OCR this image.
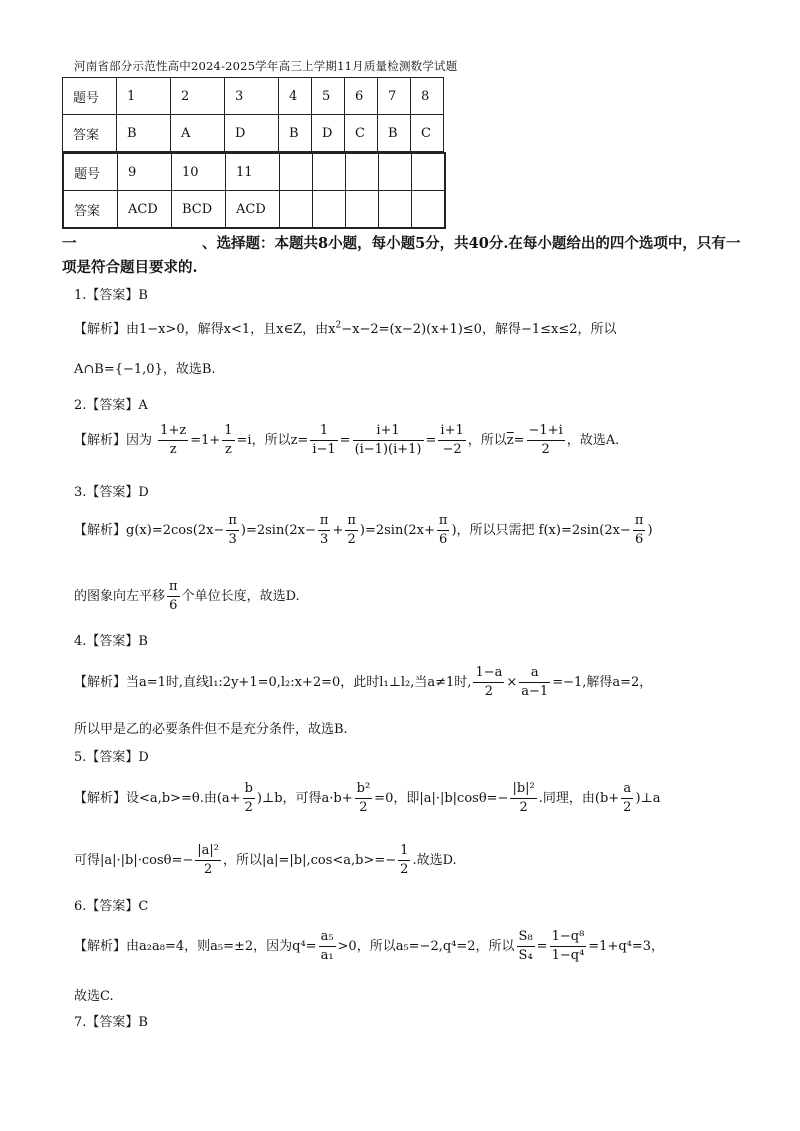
河南省部分示范性高中2024-2025学年高三上学期11月质量检测数学试题
题号	1	2	3	4	5	6	7	8
答案	B	A	D	B	D	C	B	C
题号	9	10	11					
答案	ACD	BCD	ACD					
一	、选择题：本题共8小题，每小题5分，共40分.在每小题给出的四个选项中，只有一项是符合题目要求的.
1.【答案】B
【解析】由1−x>0，解得x<1，且x∈Z，由$x^2-x-2=(x-2)(x+1)\le 0$，解得−1≤x≤2，所以
A∩B={−1,0}，故选B.
2.【答案】A
【解析】因为 $\frac{1+z}{z} =1+ \frac{1}{z} =i$，所以$z= \frac{1}{i-1} = \frac{i+1}{(i-1)(i+1)} = \frac{i+1}{-2}$ ，所以$\overline{z}= \frac{-1+i}{2}$ ，故选A.
3.【答案】D
【解析】$g(x)=2\cos(2x- \frac{\pi}{3} )=2\sin(2x- \frac{\pi}{3} + \frac{\pi}{2} )=2\sin(2x+ \frac{\pi}{6}$ )，所以只需把 $f(x)=2\sin(2x- \frac{\pi}{6}$ )
的图象向左平移 $\frac{\pi}{6}$ 个单位长度，故选D.
4.【答案】B
【解析】当a=1时,直线l₁:2y+1=0,l₂:x+2=0，此时l₁⊥l₂,当a≠1时, $\frac{1-a}{2} \times \frac{a}{a-1} =-1$,解得a=2，
所以甲是乙的必要条件但不是充分条件，故选B.
5.【答案】D
【解析】设<a,b>=θ.由($a+ \frac{b}{2}$ )⊥b，可得$a\cdot b+ \frac{\text{b²}}{2} =0$，即$|a|\cdot|b|\cos\theta=- \frac{\text{|b|²}}{2}$ .同理，由($b+ \frac{a}{2}$ )⊥a
可得$|a|\cdot|b|\cdot\cos\theta=- \frac{\text{|a|²}}{2}$ ，所以$|a|=|b|,\cos<a,b>=- \frac{1}{2}$ .故选D.
6.【答案】C
【解析】由a₂a₈=4，则a₅=±2，因为$q^4= \frac{\text{a₅}}{\text{a₁}} >0$，所以a₅=−2,q⁴=2，所以 $\frac{\text{S₈}}{\text{S₄}} = \frac{\text{1−q⁸}}{\text{1−q⁴}} =1+q^4=3$，
故选C.
7.【答案】B
